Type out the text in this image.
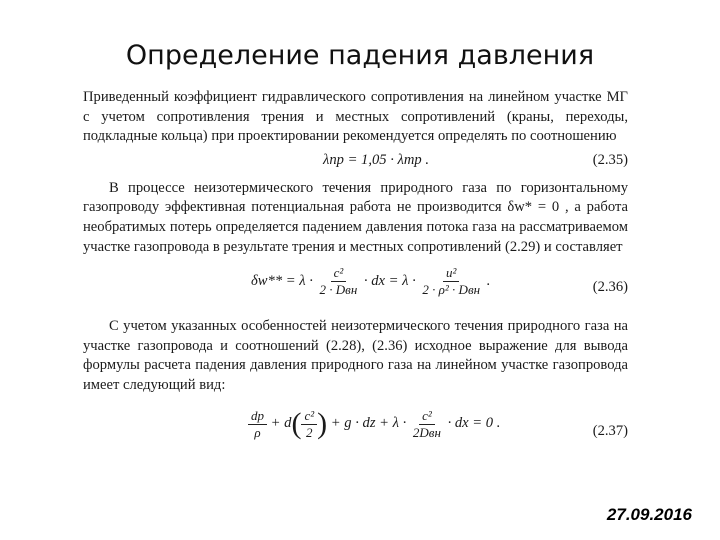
Определение падения давления
Приведенный коэффициент гидравлического сопротивления на линейном участке МГ с учетом сопротивления трения и местных сопротивлений (краны, переходы, подкладные кольца) при проектировании рекомендуется определять по соотношению
λпр = 1,05 · λтр .	(2.35)
В процессе неизотермического течения природного газа по горизонтальному газопроводу эффективная потенциальная работа не производится δw* = 0 , а работа необратимых потерь определяется падением давления потока газа на рассматриваемом участке газопровода в результате трения и местных сопротивлений (2.29) и составляет
$\delta w** = \lambda \cdot \frac{\text{c²}}{\text{2 · Dвн}}$ · dx = $\lambda \cdot \frac{\text{u²}}{\text{2 · ρ² · Dвн}}$ .	(2.36)
С учетом указанных особенностей неизотермического течения природного газа на участке газопровода и соотношений (2.28), (2.36) исходное выражение для вывода формулы расчета падения давления природного газа на линейном участке газопровода имеет следующий вид:
$\frac{dp}{\rho} + d( \frac{\text{c²}}{2}$ ) + g · dz + $\lambda \cdot \frac{\text{c²}}{\text{2Dвн}}$ · dx = 0 .	(2.37)
27.09.2016
